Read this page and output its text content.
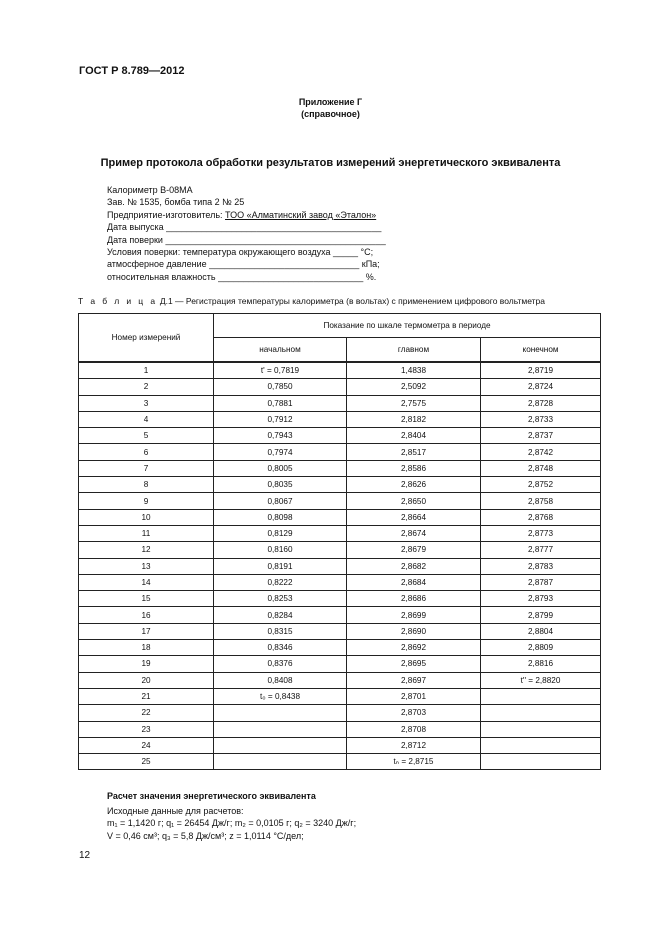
ГОСТ Р 8.789—2012
Приложение Г
(справочное)
Пример протокола обработки результатов измерений энергетического эквивалента
Калориметр В-08МА
Зав. № 1535, бомба типа 2 № 25
Предприятие-изготовитель: ТОО «Алматинский завод «Эталон»
Дата выпуска ___________________________________________
Дата поверки ____________________________________________
Условия поверки: температура окружающего воздуха _____ °С;
атмосферное давление ______________________________ кПа;
относительная влажность _____________________________ %.
Т а б л и ц а Д.1 — Регистрация температуры калориметра (в вольтах) с применением цифрового вольтметра
Номер измерений	Показание по шкале термометра в периоде		
	начальном	главном	конечном
1	t' = 0,7819	1,4838	2,8719
2	0,7850	2,5092	2,8724
3	0,7881	2,7575	2,8728
4	0,7912	2,8182	2,8733
5	0,7943	2,8404	2,8737
6	0,7974	2,8517	2,8742
7	0,8005	2,8586	2,8748
8	0,8035	2,8626	2,8752
9	0,8067	2,8650	2,8758
10	0,8098	2,8664	2,8768
11	0,8129	2,8674	2,8773
12	0,8160	2,8679	2,8777
13	0,8191	2,8682	2,8783
14	0,8222	2,8684	2,8787
15	0,8253	2,8686	2,8793
16	0,8284	2,8699	2,8799
17	0,8315	2,8690	2,8804
18	0,8346	2,8692	2,8809
19	0,8376	2,8695	2,8816
20	0,8408	2,8697	t'' = 2,8820
21	t₀ = 0,8438	2,8701	
22		2,8703	
23		2,8708	
24		2,8712	
25		tₙ = 2,8715	
Расчет значения энергетического эквивалента
Исходные данные для расчетов:
m₁ = 1,1420 г; q₁ = 26454 Дж/г; m₂ = 0,0105 г; q₂ = 3240 Дж/г;
V = 0,46 см³; q₃ = 5,8 Дж/см³; z = 1,0114 °С/дел;
12
